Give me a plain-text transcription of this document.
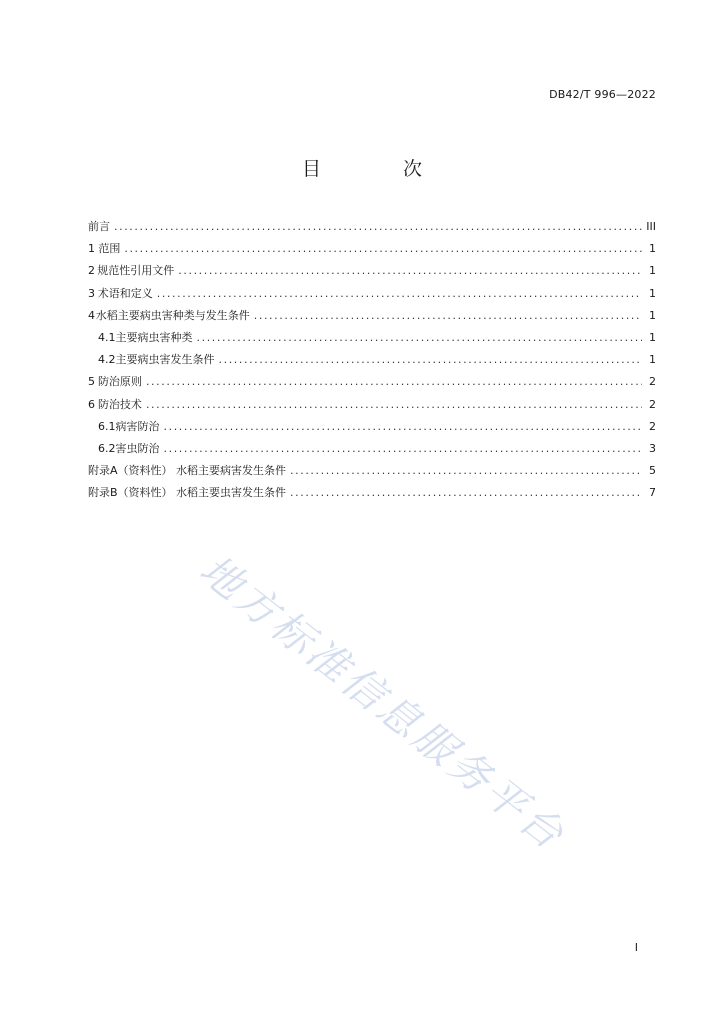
DB42/T 996—2022
目 次
前言 .....	III
1 范围 .....	1
2 规范性引用文件 .....	1
3 术语和定义 .....	1
4 水稻主要病虫害种类与发生条件 .....	1
4.1 主要病虫害种类 .....	1
4.2 主要病虫害发生条件 .....	1
5 防治原则 .....	2
6 防治技术 .....	2
6.1 病害防治 .....	2
6.2 害虫防治 .....	3
附录A（资料性） 水稻主要病害发生条件 .....	5
附录B（资料性） 水稻主要虫害发生条件 .....	7
地方标准信息服务平台
I
